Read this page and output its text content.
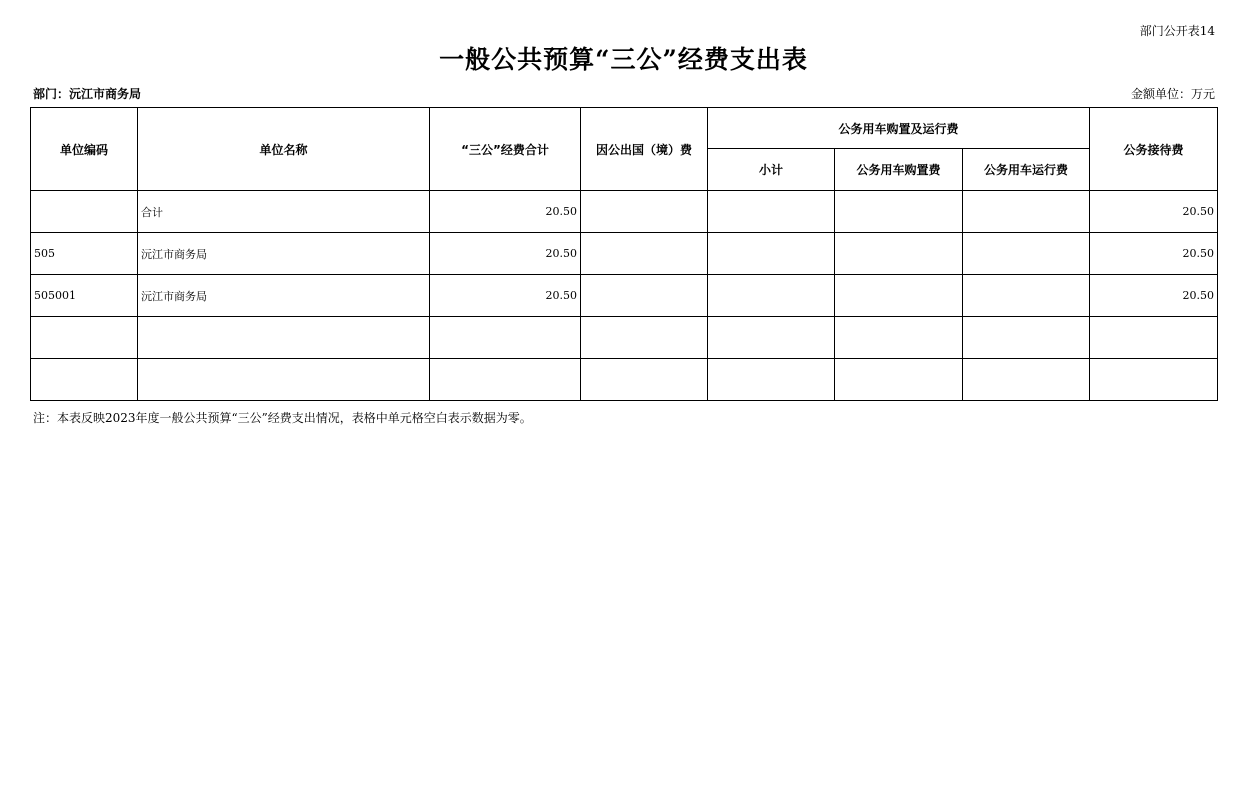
部门公开表14
一般公共预算“三公”经费支出表
部门：沅江市商务局	金额单位：万元
单位编码	单位名称	“三公”经费合计	因公出国（境）费	公务用车购置及运行费			公务接待费
				小计	公务用车购置费	公务用车运行费	
	合计	20.50					20.50
505	沅江市商务局	20.50					20.50
505001	沅江市商务局	20.50					20.50

注：本表反映2023年度一般公共预算“三公”经费支出情况，表格中单元格空白表示数据为零。
